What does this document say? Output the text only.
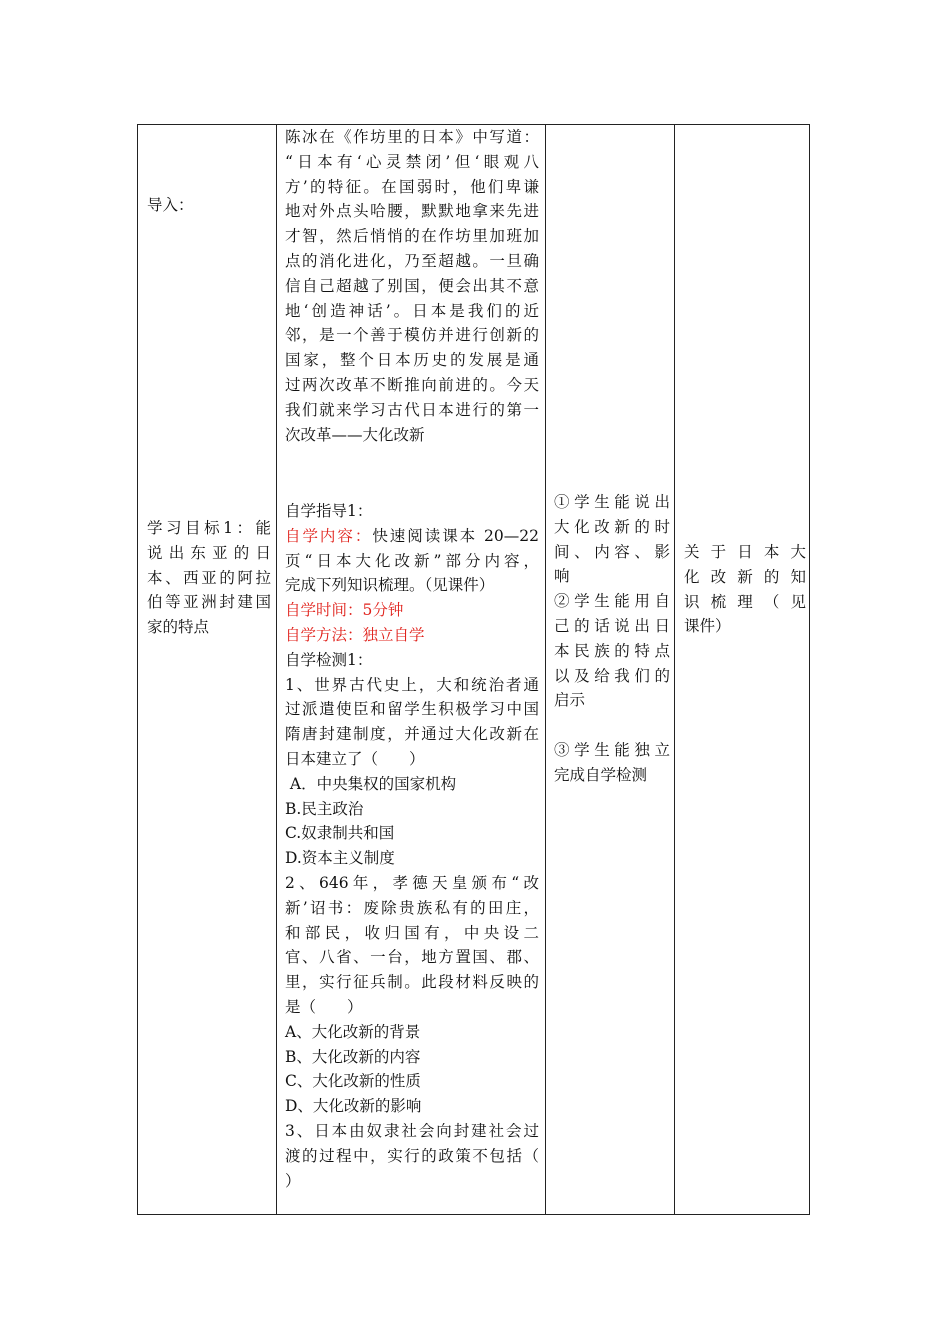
导入：
学习目标1：能
说出东亚的日
本、西亚的阿拉
伯等亚洲封建国
家的特点

陈冰在《作坊里的日本》中写道：
“日本有‘心灵禁闭’但‘眼观八
方’的特征。在国弱时，他们卑谦
地对外点头哈腰，默默地拿来先进
才智，然后悄悄的在作坊里加班加
点的消化进化，乃至超越。一旦确
信自己超越了别国，便会出其不意
地‘创造神话’。日本是我们的近
邻，是一个善于模仿并进行创新的
国家，整个日本历史的发展是通
过两次改革不断推向前进的。今天
我们就来学习古代日本进行的第一
次改革——大化改新
自学指导1：
自学内容：快速阅读课本 20—22
页“日本大化改新”部分内容，
完成下列知识梳理。（见课件）
自学时间：5分钟
自学方法：独立自学
自学检测1：
1、世界古代史上，大和统治者通
过派遣使臣和留学生积极学习中国
隋唐封建制度，并通过大化改新在
日本建立了（　　）
A．中央集权的国家机构
B.民主政治
C.奴隶制共和国
D.资本主义制度
2、646年，孝德天皇颁布“改
新’诏书：废除贵族私有的田庄，
和部民，收归国有，中央设二
官、八省、一台，地方置国、郡、
里，实行征兵制。此段材料反映的
是（　　）
A、大化改新的背景
B、大化改新的内容
C、大化改新的性质
D、大化改新的影响
3、日本由奴隶社会向封建社会过
渡的过程中，实行的政策不包括（
）

①学生能说出
大化改新的时
间、内容、影
响
②学生能用自
己的话说出日
本民族的特点
以及给我们的
启示
③学生能独立
完成自学检测

关于日本大
化改新的知
识梳理（见
课件）
